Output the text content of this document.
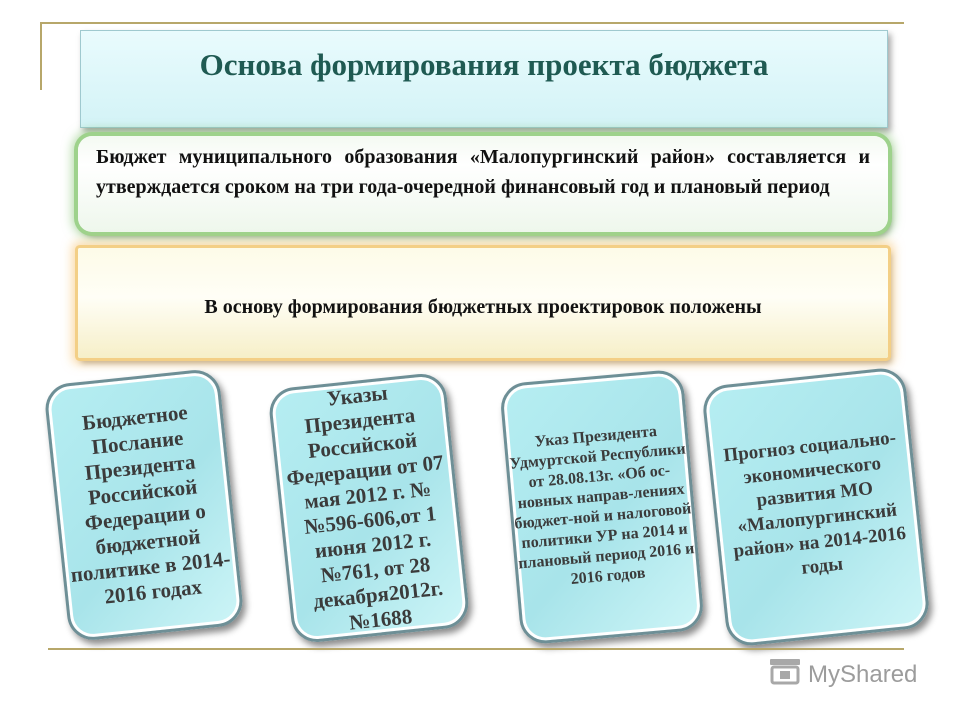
Основа формирования проекта бюджета

Бюджет муниципального образования «Малопургинский район» составляется и утверждается сроком на три года-очередной финансовый год и плановый период

В основу формирования бюджетных проектировок положены

Бюджетное Послание Президента Российской Федерации о бюджетной политике в 2014-2016 годах

Указы Президента Российской Федерации от 07 мая 2012 г. №№596-606,от 1 июня 2012 г. №761, от 28 декабря2012г. №1688

Указ Президента Удмуртской Республики от 28.08.13г. «Об ос-новных направ-лениях бюджет-ной и налоговой политики УР на 2014 и плановый период 2016 и 2016 годов

Прогноз социально-экономического развития МО «Малопургинский район» на 2014-2016 годы

MyShared
